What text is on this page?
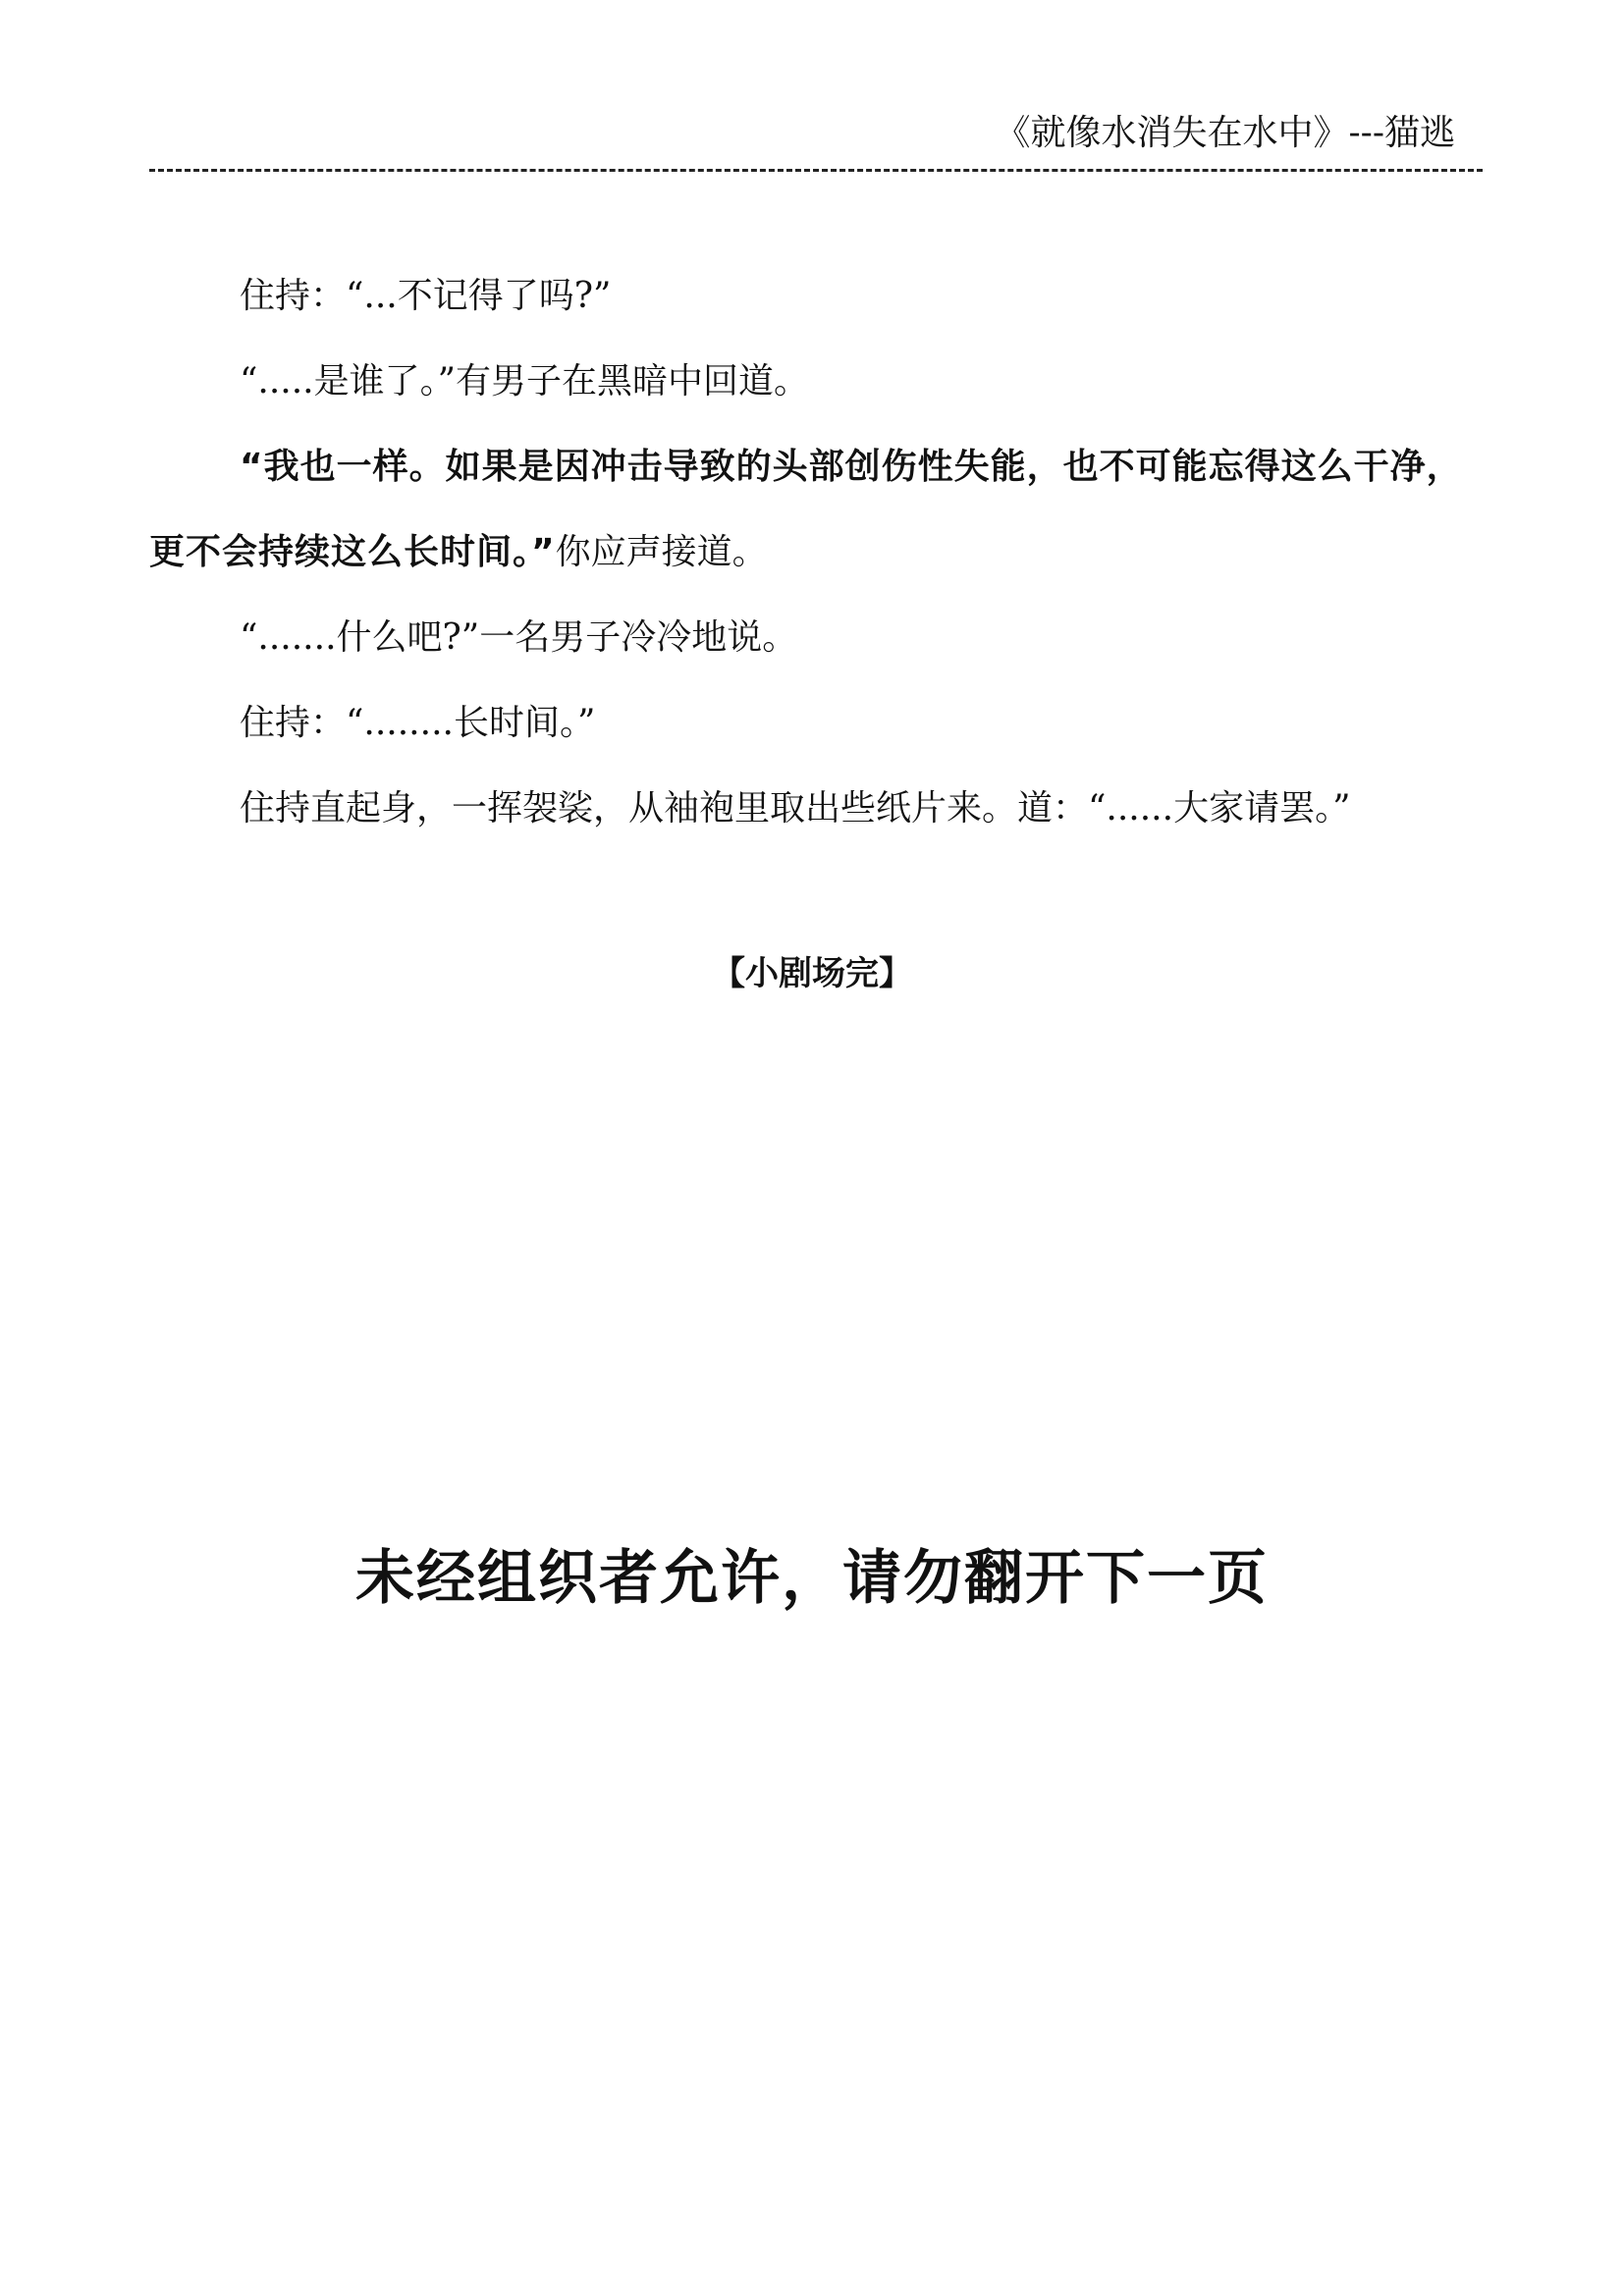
《就像水消失在水中》---猫逃

住持：“...不记得了吗?”

“.....是谁了。”有男子在黑暗中回道。

“我也一样。如果是因冲击导致的头部创伤性失能，也不可能忘得这么干净，更不会持续这么长时间。”你应声接道。

“.......什么吧?”一名男子冷冷地说。

住持：“........长时间。”

住持直起身，一挥袈裟，从袖袍里取出些纸片来。道：“......大家请罢。”

【小剧场完】
未经组织者允许，请勿翻开下一页
